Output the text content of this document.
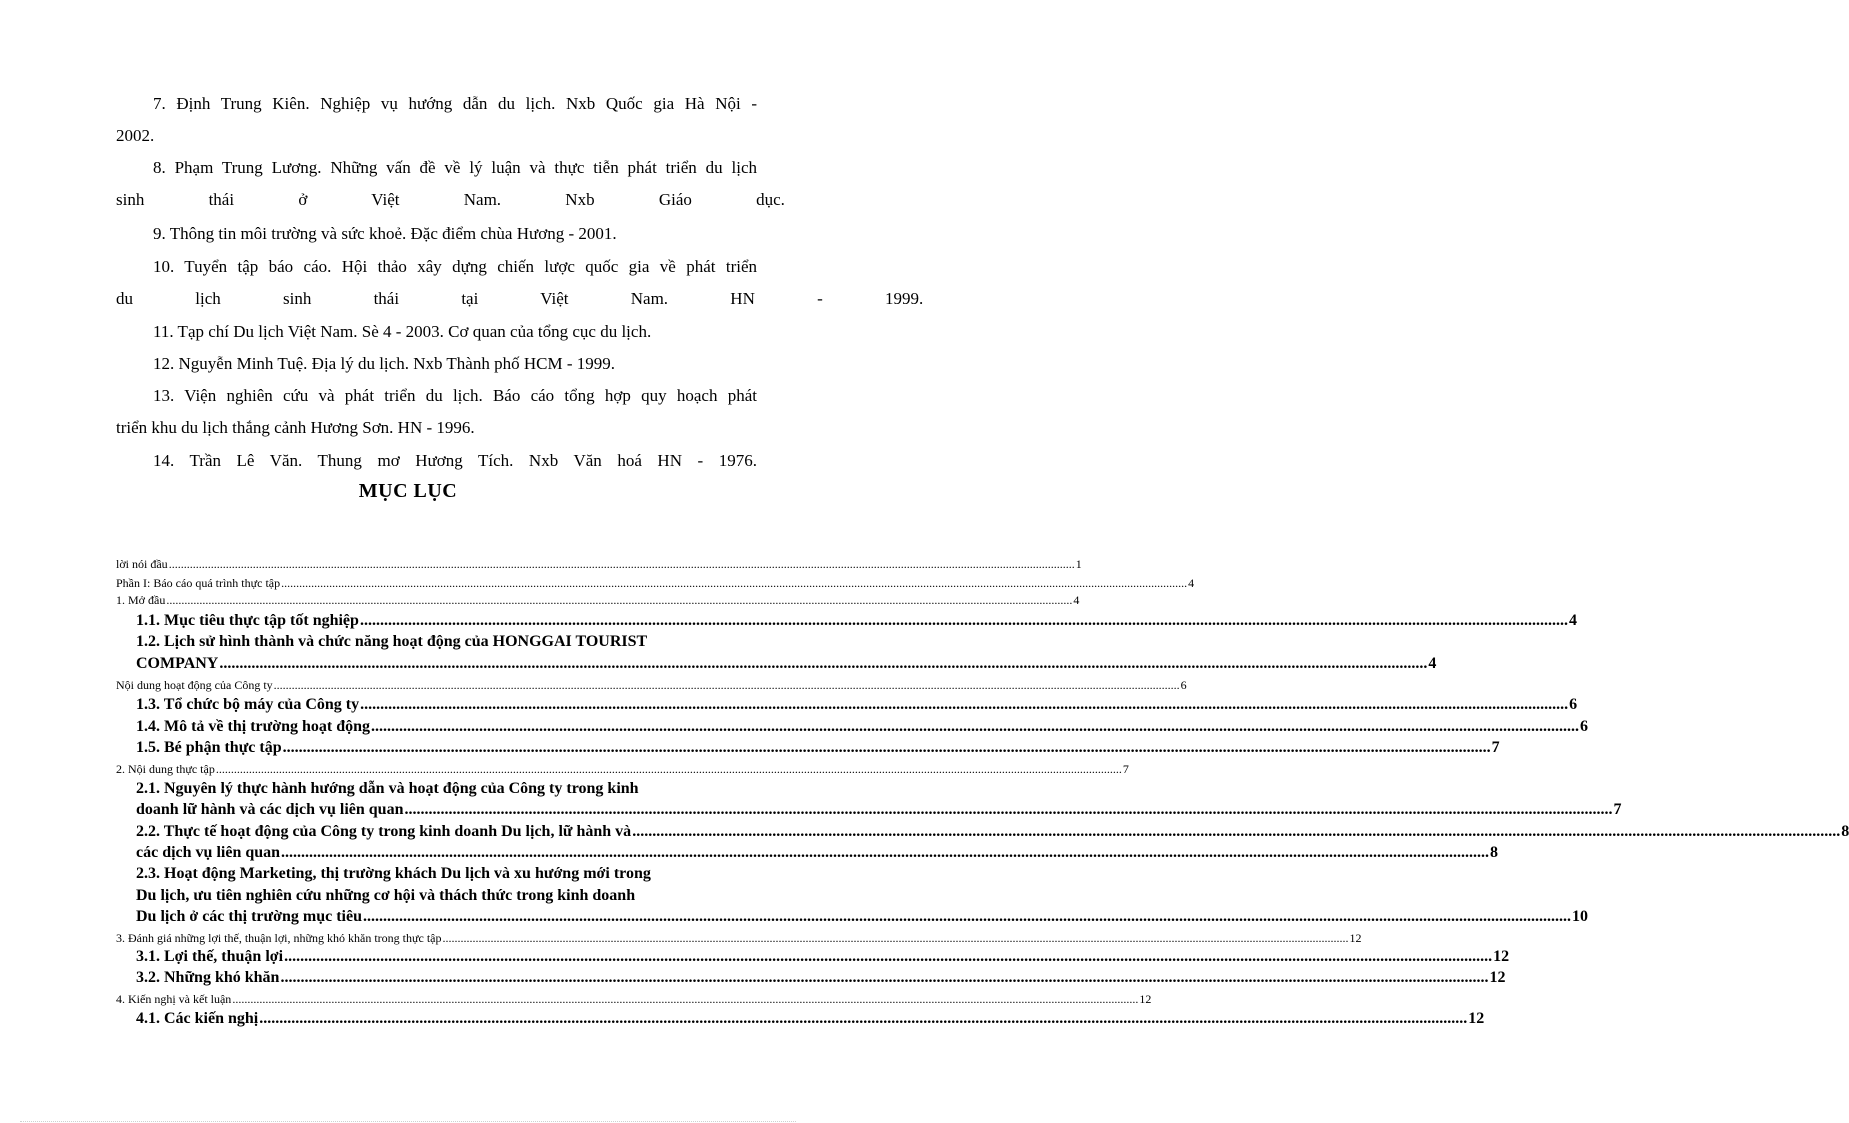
7. Định Trung Kiên. Nghiệp vụ hướng dẫn du lịch. Nxb Quốc gia Hà Nội -
2002.
8. Phạm Trung Lương. Những vấn đề về lý luận và thực tiễn phát triển du lịch
sinh thái ở Việt Nam. Nxb Giáo dục.
9. Thông tin môi trường và sức khoẻ. Đặc điểm chùa Hương - 2001.
10. Tuyển tập báo cáo. Hội thảo xây dựng chiến lược quốc gia về phát triển
du lịch sinh thái tại Việt Nam. HN - 1999.
11. Tạp chí Du lịch Việt Nam. Sè 4 - 2003. Cơ quan của tổng cục du lịch.
12. Nguyễn Minh Tuệ. Địa lý du lịch. Nxb Thành phố HCM - 1999.
13. Viện nghiên cứu và phát triển du lịch. Báo cáo tổng hợp quy hoạch phát
triển khu du lịch thắng cảnh Hương Sơn. HN - 1996.
14. Trần Lê Văn. Thung mơ Hương Tích. Nxb Văn hoá HN - 1976.
MỤC LỤC
lời nói đầu .....	1
Phần I: Báo cáo quá trình thực tập .....	4
1. Mở đầu .....	4
1.1. Mục tiêu thực tập tốt nghiệp .....	4
1.2. Lịch sử hình thành và chức năng hoạt động của HONGGAI TOURIST
COMPANY .....	4
Nội dung hoạt động của Công ty .....	6
1.3. Tổ chức bộ máy của Công ty .....	6
1.4. Mô tả về thị trường hoạt động .....	6
1.5. Bé phận thực tập .....	7
2. Nội dung thực tập .....	7
2.1. Nguyên lý thực hành hướng dẫn và hoạt động của Công ty trong kinh
doanh lữ hành và các dịch vụ liên quan .....	7
2.2. Thực tế hoạt động của Công ty trong kinh doanh Du lịch, lữ hành và .....	8
các dịch vụ liên quan .....	8
2.3. Hoạt động Marketing, thị trường khách Du lịch và xu hướng mới trong
Du lịch, ưu tiên nghiên cứu những cơ hội và thách thức trong kinh doanh
Du lịch ở các thị trường mục tiêu .....	10
3. Đánh giá những lợi thế, thuận lợi, những khó khăn trong thực tập .....	12
3.1. Lợi thế, thuận lợi .....	12
3.2. Những khó khăn .....	12
4. Kiến nghị và kết luận .....	12
4.1. Các kiến nghị .....	12
